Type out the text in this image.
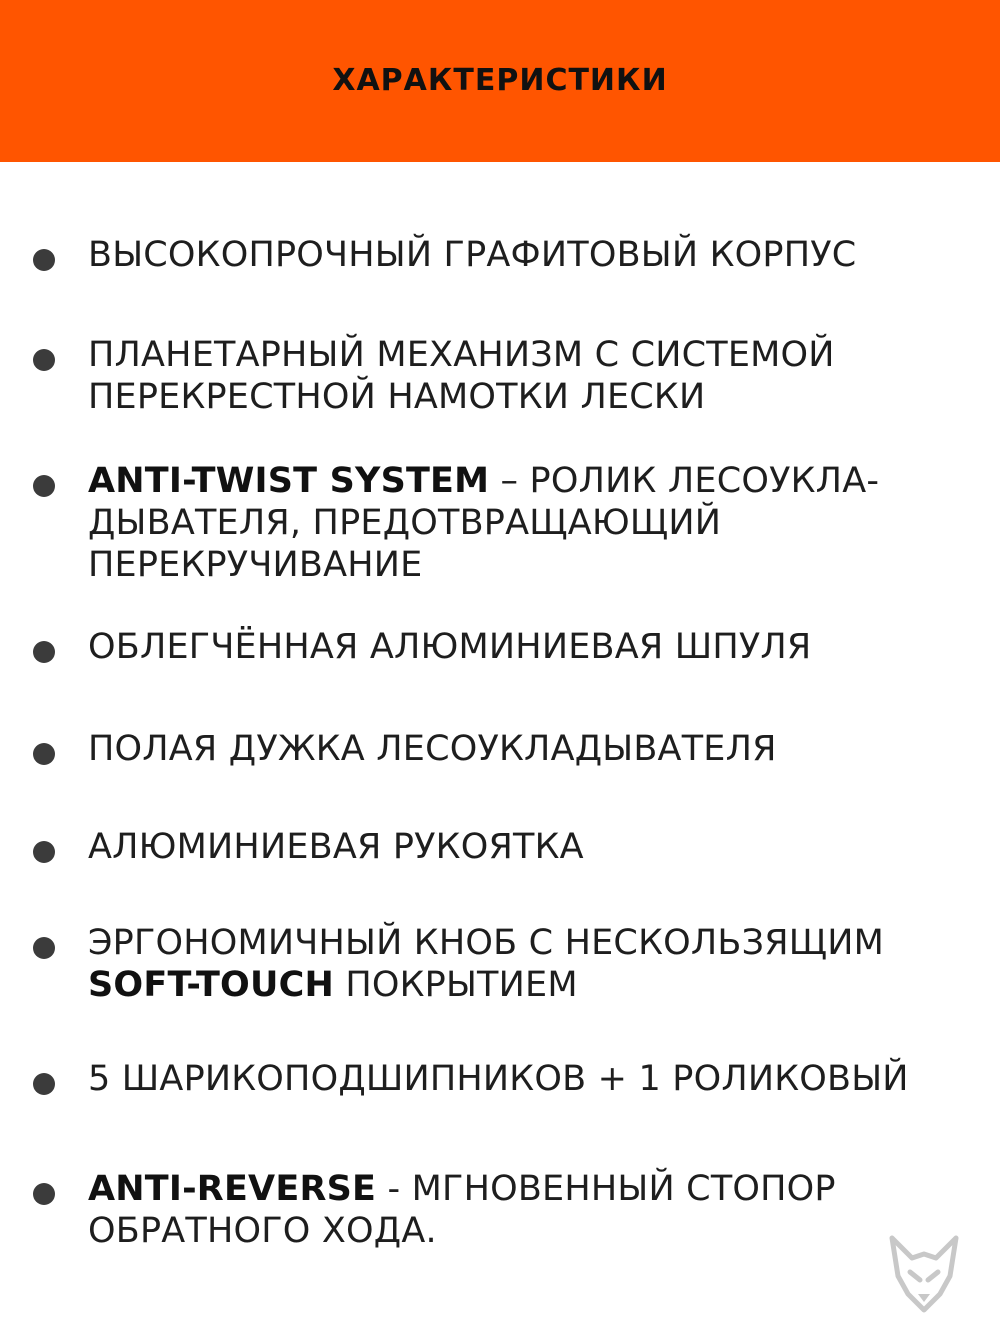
ХАРАКТЕРИСТИКИ
ВЫСОКОПРОЧНЫЙ ГРАФИТОВЫЙ КОРПУС
ПЛАНЕТАРНЫЙ МЕХАНИЗМ С СИСТЕМОЙ
ПЕРЕКРЕСТНОЙ НАМОТКИ ЛЕСКИ
ANTI-TWIST SYSTEM – РОЛИК ЛЕСОУКЛА-
ДЫВАТЕЛЯ, ПРЕДОТВРАЩАЮЩИЙ
ПЕРЕКРУЧИВАНИЕ
ОБЛЕГЧЁННАЯ АЛЮМИНИЕВАЯ ШПУЛЯ
ПОЛАЯ ДУЖКА ЛЕСОУКЛАДЫВАТЕЛЯ
АЛЮМИНИЕВАЯ РУКОЯТКА
ЭРГОНОМИЧНЫЙ КНОБ С НЕСКОЛЬЗЯЩИМ
SOFT-TOUCH ПОКРЫТИЕМ
5 ШАРИКОПОДШИПНИКОВ + 1 РОЛИКОВЫЙ
ANTI-REVERSE - МГНОВЕННЫЙ СТОПОР
ОБРАТНОГО ХОДА.
